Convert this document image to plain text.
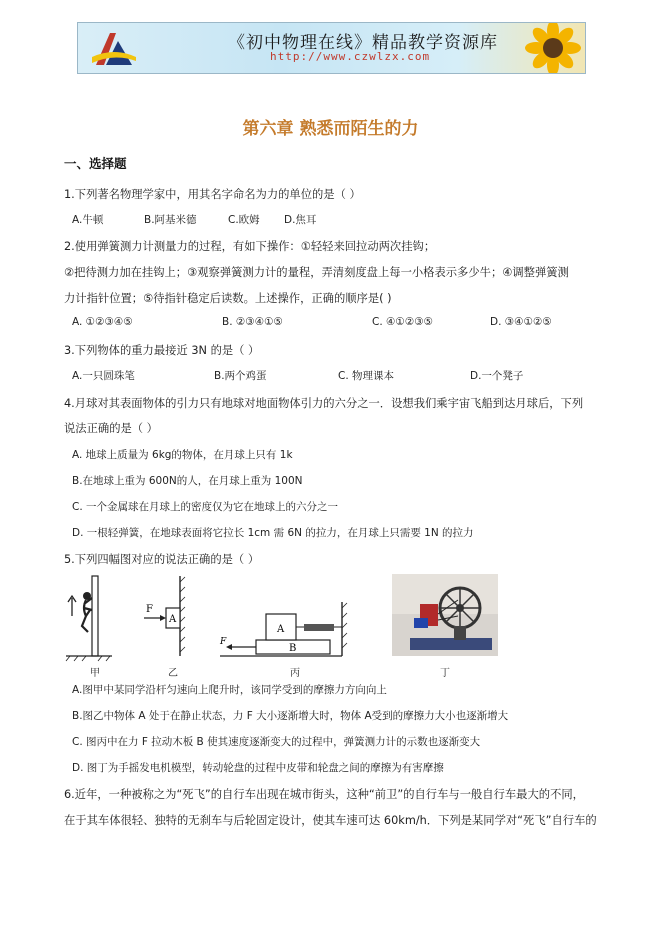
《初中物理在线》精品教学资源库
http://www.czwlzx.com
第六章 熟悉而陌生的力
一、选择题
1.下列著名物理学家中，用其名字命名为力的单位的是（ ）
A.牛顿	B.阿基米德	C.欧姆 D.焦耳
2.使用弹簧测力计测量力的过程，有如下操作：①轻轻来回拉动两次挂钩；
②把待测力加在挂钩上；③观察弹簧测力计的量程，弄清刻度盘上每一小格表示多少牛；④调整弹簧测
力计指针位置；⑤待指针稳定后读数。上述操作，正确的顺序是( )
A. ①②③④⑤	B. ②③④①⑤	C. ④①②③⑤	D. ③④①②⑤
3.下列物体的重力最接近 3N 的是（ ）
A.一只圆珠笔	B.两个鸡蛋	C. 物理课本	D.一个凳子
4.月球对其表面物体的引力只有地球对地面物体引力的六分之一．设想我们乘宇宙飞船到达月球后，下列
说法正确的是（ ）
A. 地球上质量为 6kg的物体，在月球上只有 1k
B.在地球上重为 600N的人，在月球上重为 100N
C. 一个金属球在月球上的密度仅为它在地球上的六分之一
D. 一根轻弹簧，在地球表面将它拉长 1cm 需 6N 的拉力，在月球上只需要 1N 的拉力
5.下列四幅图对应的说法正确的是（ ）
甲
A
F
乙
B
A
F
丙	丁
A.图甲中某同学沿杆匀速向上爬升时，该同学受到的摩擦力方向向上
B.图乙中物体 A 处于在静止状态，力 F 大小逐渐增大时，物体 A受到的摩擦力大小也逐渐增大
C. 图丙中在力 F 拉动木板 B 使其速度逐渐变大的过程中，弹簧测力计的示数也逐渐变大
D. 图丁为手摇发电机模型，转动轮盘的过程中皮带和轮盘之间的摩擦为有害摩擦
6.近年，一种被称之为“死飞”的自行车出现在城市街头，这种“前卫”的自行车与一般自行车最大的不同，
在于其车体很轻、独特的无刹车与后轮固定设计，使其车速可达 60km/h．下列是某同学对“死飞”自行车的
